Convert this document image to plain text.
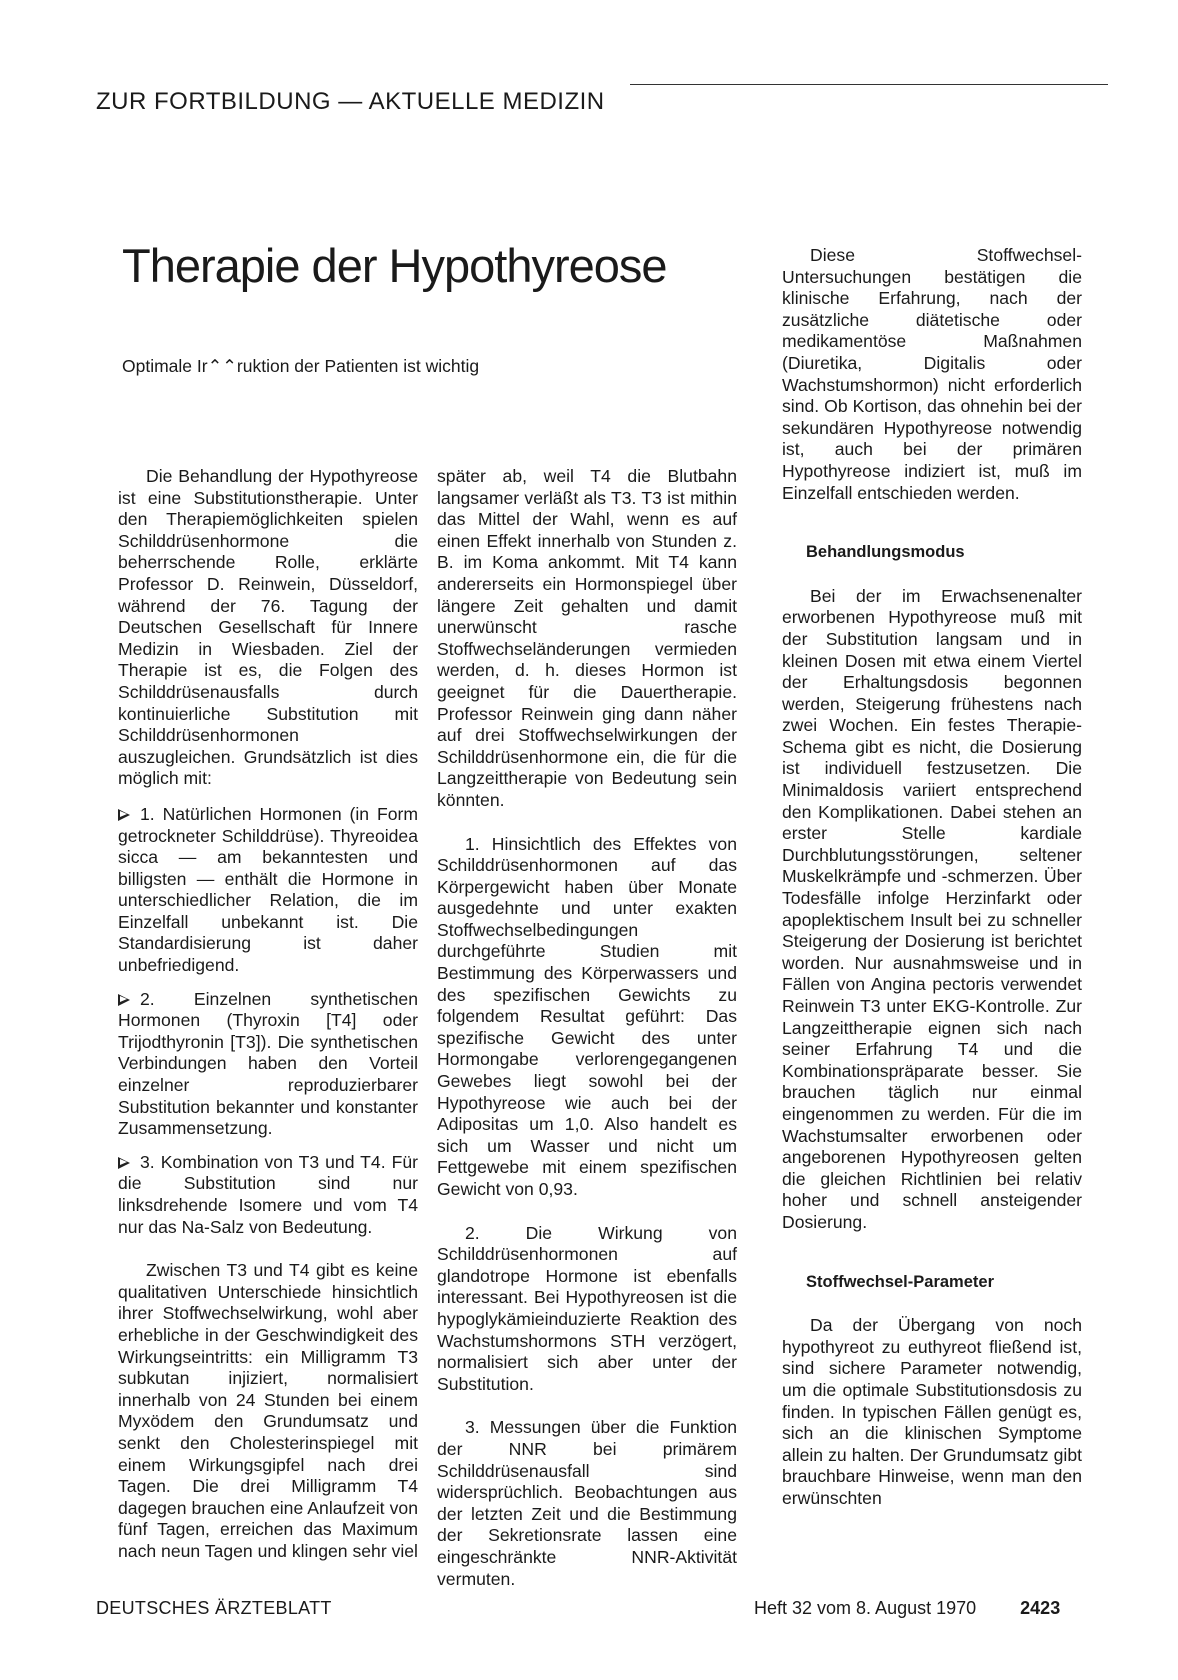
ZUR FORTBILDUNG — AKTUELLE MEDIZIN
Therapie der Hypothyreose
Optimale Ir⌃⌃ruktion der Patienten ist wichtig

Die Behandlung der Hypothyreose ist eine Substitutionstherapie. Unter den Therapiemöglichkeiten spielen Schilddrüsenhormone die beherrschende Rolle, erklärte Professor D. Reinwein, Düsseldorf, während der 76. Tagung der Deutschen Gesellschaft für Innere Medizin in Wiesbaden. Ziel der Therapie ist es, die Folgen des Schilddrüsenausfalls durch kontinuierliche Substitution mit Schilddrüsenhormonen auszugleichen. Grundsätzlich ist dies möglich mit:

1. Natürlichen Hormonen (in Form getrockneter Schilddrüse). Thyreoidea sicca — am bekanntesten und billigsten — enthält die Hormone in unterschiedlicher Relation, die im Einzelfall unbekannt ist. Die Standardisierung ist daher unbefriedigend.
2. Einzelnen synthetischen Hormonen (Thyroxin [T4] oder Trijodthyronin [T3]). Die synthetischen Verbindungen haben den Vorteil einzelner reproduzierbarer Substitution bekannter und konstanter Zusammensetzung.
3. Kombination von T3 und T4. Für die Substitution sind nur linksdrehende Isomere und vom T4 nur das Na-Salz von Bedeutung.

Zwischen T3 und T4 gibt es keine qualitativen Unterschiede hinsichtlich ihrer Stoffwechselwirkung, wohl aber erhebliche in der Geschwindigkeit des Wirkungseintritts: ein Milligramm T3 subkutan injiziert, normalisiert innerhalb von 24 Stunden bei einem Myxödem den Grundumsatz und senkt den Cholesterinspiegel mit einem Wirkungsgipfel nach drei Tagen. Die drei Milligramm T4 dagegen brauchen eine Anlaufzeit von fünf Tagen, erreichen das Maximum nach neun Tagen und klingen sehr viel

später ab, weil T4 die Blutbahn langsamer verläßt als T3. T3 ist mithin das Mittel der Wahl, wenn es auf einen Effekt innerhalb von Stunden z. B. im Koma ankommt. Mit T4 kann andererseits ein Hormonspiegel über längere Zeit gehalten und damit unerwünscht rasche Stoffwechseländerungen vermieden werden, d. h. dieses Hormon ist geeignet für die Dauertherapie. Professor Reinwein ging dann näher auf drei Stoffwechselwirkungen der Schilddrüsenhormone ein, die für die Langzeittherapie von Bedeutung sein könnten.

1. Hinsichtlich des Effektes von Schilddrüsenhormonen auf das Körpergewicht haben über Monate ausgedehnte und unter exakten Stoffwechselbedingungen durchgeführte Studien mit Bestimmung des Körperwassers und des spezifischen Gewichts zu folgendem Resultat geführt: Das spezifische Gewicht des unter Hormongabe verlorengegangenen Gewebes liegt sowohl bei der Hypothyreose wie auch bei der Adipositas um 1,0. Also handelt es sich um Wasser und nicht um Fettgewebe mit einem spezifischen Gewicht von 0,93.

2. Die Wirkung von Schilddrüsenhormonen auf glandotrope Hormone ist ebenfalls interessant. Bei Hypothyreosen ist die hypoglykämieinduzierte Reaktion des Wachstumshormons STH verzögert, normalisiert sich aber unter der Substitution.

3. Messungen über die Funktion der NNR bei primärem Schilddrüsenausfall sind widersprüchlich. Beobachtungen aus der letzten Zeit und die Bestimmung der Sekretionsrate lassen eine eingeschränkte NNR-Aktivität vermuten.

Diese Stoffwechsel-Untersuchungen bestätigen die klinische Erfahrung, nach der zusätzliche diätetische oder medikamentöse Maßnahmen (Diuretika, Digitalis oder Wachstumshormon) nicht erforderlich sind. Ob Kortison, das ohnehin bei der sekundären Hypothyreose notwendig ist, auch bei der primären Hypothyreose indiziert ist, muß im Einzelfall entschieden werden.

Behandlungsmodus

Bei der im Erwachsenenalter erworbenen Hypothyreose muß mit der Substitution langsam und in kleinen Dosen mit etwa einem Viertel der Erhaltungsdosis begonnen werden, Steigerung frühestens nach zwei Wochen. Ein festes Therapie-Schema gibt es nicht, die Dosierung ist individuell festzusetzen. Die Minimaldosis variiert entsprechend den Komplikationen. Dabei stehen an erster Stelle kardiale Durchblutungsstörungen, seltener Muskelkrämpfe und -schmerzen. Über Todesfälle infolge Herzinfarkt oder apoplektischem Insult bei zu schneller Steigerung der Dosierung ist berichtet worden. Nur ausnahmsweise und in Fällen von Angina pectoris verwendet Reinwein T3 unter EKG-Kontrolle. Zur Langzeittherapie eignen sich nach seiner Erfahrung T4 und die Kombinationspräparate besser. Sie brauchen täglich nur einmal eingenommen zu werden. Für die im Wachstumsalter erworbenen oder angeborenen Hypothyreosen gelten die gleichen Richtlinien bei relativ hoher und schnell ansteigender Dosierung.

Stoffwechsel-Parameter

Da der Übergang von noch hypothyreot zu euthyreot fließend ist, sind sichere Parameter notwendig, um die optimale Substitutionsdosis zu finden. In typischen Fällen genügt es, sich an die klinischen Symptome allein zu halten. Der Grundumsatz gibt brauchbare Hinweise, wenn man den erwünschten

DEUTSCHES ÄRZTEBLATT	Heft 32 vom 8. August 1970 2423
